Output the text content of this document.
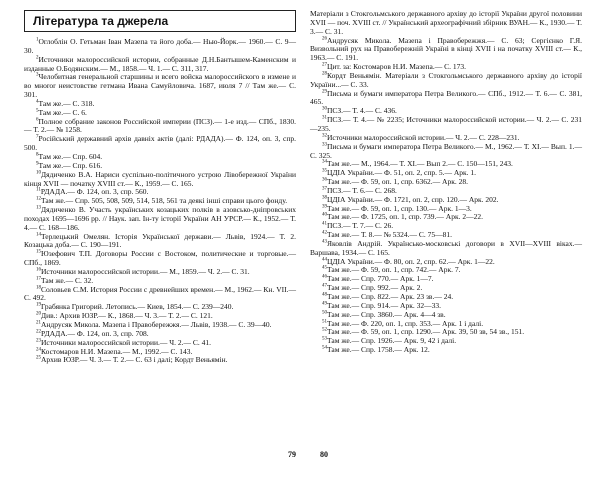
Література та джерела

$^1$Оглоблін О. Гетьман Іван Мазепа та його доба.— Нью-Йорк.— 1960.— С. 9—30.

$^2$Источники малороссийской истории, собранные Д.Н.Бантышем-Каменским и изданные О.Бодянским.— М., 1858.— Ч. 1.— С. 311, 317.

$^3$Челобитная генеральной старшины и всего войска малороссийского в измене и во мноror неистовстве гетмана Ивана Самуйловича. 1687, июля 7 // Там же.— С. 301.

$^4$Там же.— С. 318.

$^5$Там же.— С. 6.

$^6$Полное собрание законов Российской империи (ПСЗ).— 1-е изд.— СПб., 1830.— Т. 2.— № 1258.

$^7$Російський державний архів давніх актів (далі: РДАДА).— Ф. 124, оп. 3, спр. 500.

$^8$Там же.— Спр. 604.

$^9$Там же.— Спр. 616.

$^{10}$Дядиченко В.А. Нариси суспільно-політичного устрою Лівобережної України кінця XVII — початку XVIII ст.— К., 1959.— С. 165.

$^{11}$РДАДА.— Ф. 124, оп. 3, спр. 560.

$^{12}$Там же.— Спр. 505, 508, 509, 514, 518, 561 та деякі інші справи цього фонду.

$^{13}$Дядиченко В. Участь українських козацьких полків в азовсько-дніпровських походах 1695—1696 рр. // Наук. зап. Ін-ту історії України АН УРСР.— К., 1952.— Т. 4.— С. 168—186.

$^{14}$Терлецький Омелян. Історія Української держави.— Львів, 1924.— Т. 2. Козацька доба.— С. 190—191.

$^{15}$Юзефович Т.П. Договоры России с Востоком, политические и торговые.— СПб., 1869.

$^{16}$Источники малороссийской истории.— М., 1859.— Ч. 2.— С. 31.

$^{17}$Там же.— С. 32.

$^{18}$Соловьев С.М. История России с древнейших времен.— М., 1962.— Кн. VII.— С. 492.

$^{19}$Грабянка Григорий. Летопись.— Киев, 1854.— С. 239—240.

$^{20}$Див.: Архив ЮЗР.— К., 1868.— Ч. 3.— Т. 2.— С. 121.

$^{21}$Андрусяк Микола. Мазепа і Правобережжя.— Львів, 1938.— С. 39—40.

$^{22}$РДАДА.— Ф. 124, оп. 3, спр. 708.

$^{23}$Источники малороссийской истории.— Ч. 2.— С. 41.

$^{24}$Костомаров Н.И. Мазепа.— М., 1992.— С. 143.

$^{25}$Архив ЮЗР.— Ч. 3.— Т. 2.— С. 63 і далі; Кордт Веньямін.

79

Матеріали з Стокгольмського державного архіву до історії України другої половини XVII — поч. XVIII ст. // Український археографічний збірник ВУАН.— К., 1930.— Т. 3.— С. 31.

$^{26}$Андрусяк Микола. Мазепа і Правобережжя.— С. 63; Сергієнко Г.Я. Визвольний рух на Правобережній Україні в кінці XVII і на початку XVIII ст.— К., 1963.— С. 191.

$^{27}$Цит. за: Костомаров Н.И. Мазепа.— С. 173.

$^{28}$Кордт Веньямін. Матеріали з Стокгольмського державного архіву до історії України...— С. 33.

$^{29}$Письма и бумаги императора Петра Великого.— СПб., 1912.— Т. 6.— С. 381, 465.

$^{30}$ПСЗ.— Т. 4.— С. 436.

$^{31}$ПСЗ.— Т. 4.— № 2235; Источники малороссийской истории.— Ч. 2.— С. 231—235.

$^{32}$Источники малороссийской истории.— Ч. 2.— С. 228—231.

$^{33}$Письма и бумаги императора Петра Великого.— М., 1962.— Т. XI.— Вып. 1.— С. 325.

$^{34}$Там же.— М., 1964.— Т. XI.— Вып 2.— С. 150—151, 243.

$^{35}$ЦДІА України.— Ф. 51, оп. 2, спр. 5.— Арк. 1.

$^{36}$Там же.— Ф. 59, оп. 1, спр. 6362.— Арк. 28.

$^{37}$ПСЗ.— Т. 6.— С. 268.

$^{38}$ЦДІА України.— Ф. 1721, оп. 2, спр. 120.— Арк. 202.

$^{39}$Там же.— Ф. 59, оп. 1, спр. 130.— Арк. 1—3.

$^{40}$Там же.— Ф. 1725, оп. 1, спр. 739.— Арк. 2—22.

$^{41}$ПСЗ.— Т. 7.— С. 26.

$^{42}$Там же.— Т. 8.— № 5324.— С. 75—81.

$^{43}$Яковлів Андрій. Українсько-московські договори в XVII—XVIII віках.— Варшава, 1934.— С. 165.

$^{44}$ЦДІА України.— Ф. 80, оп. 2, спр. 62.— Арк. 1—22.

$^{45}$Там же.— Ф. 59, оп. 1, спр. 742.— Арк. 7.

$^{46}$Там же.— Спр. 770.— Арк. 1—7.

$^{47}$Там же.— Спр. 992.— Арк. 2.

$^{48}$Там же.— Спр. 822.— Арк. 23 зв.— 24.

$^{49}$Там же.— Спр. 914.— Арк. 32—33.

$^{50}$Там же.— Спр. 3860.— Арк. 4—4 зв.

$^{51}$Там же.— Ф. 220, оп. 1, спр. 353.— Арк. 1 і далі.

$^{52}$Там же.— Ф. 59, оп. 1, спр. 1290.— Арк. 39, 50 зв, 54 зв., 151.

$^{53}$Там же.— Спр. 1926.— Арк. 9, 42 і далі.

$^{54}$Там же.— Спр. 1758.— Арк. 12.

80
